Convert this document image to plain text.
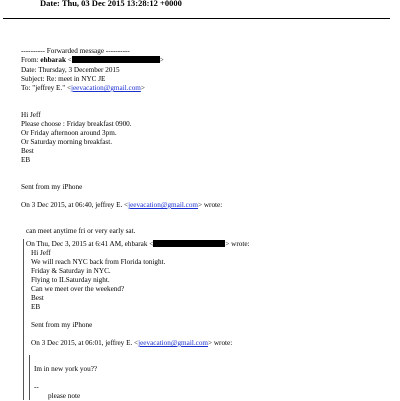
Date: Thu, 03 Dec 2015 13:28:12 +0000
---------- Forwarded message ----------
From: ehbarak <	>
Date: Thursday, 3 December 2015
Subject: Re: meet in NYC JE
To: "jeffrey E." <jeevacation@gmail.com>
Hi Jeff
Please choose : Friday breakfast 0900.
Or Friday afternoon around 3pm.
Or Saturday morning breakfast.
Best
EB
Sent from my iPhone
On 3 Dec 2015, at 06:40, jeffrey E. <jeevacation@gmail.com> wrote:
can meet anytime fri or very early sat.
On Thu, Dec 3, 2015 at 6:41 AM, ehbarak <	> wrote:
Hi Jeff
We will reach NYC back from Florida tonight.
Friday & Saturday in NYC.
Flying to ILSaturday night.
Can we meet over the weekend?
Best
EB
Sent from my iPhone
On 3 Dec 2015, at 06:01, jeffrey E. <jeevacation@gmail.com> wrote:
Im in new york you??
--
please note
